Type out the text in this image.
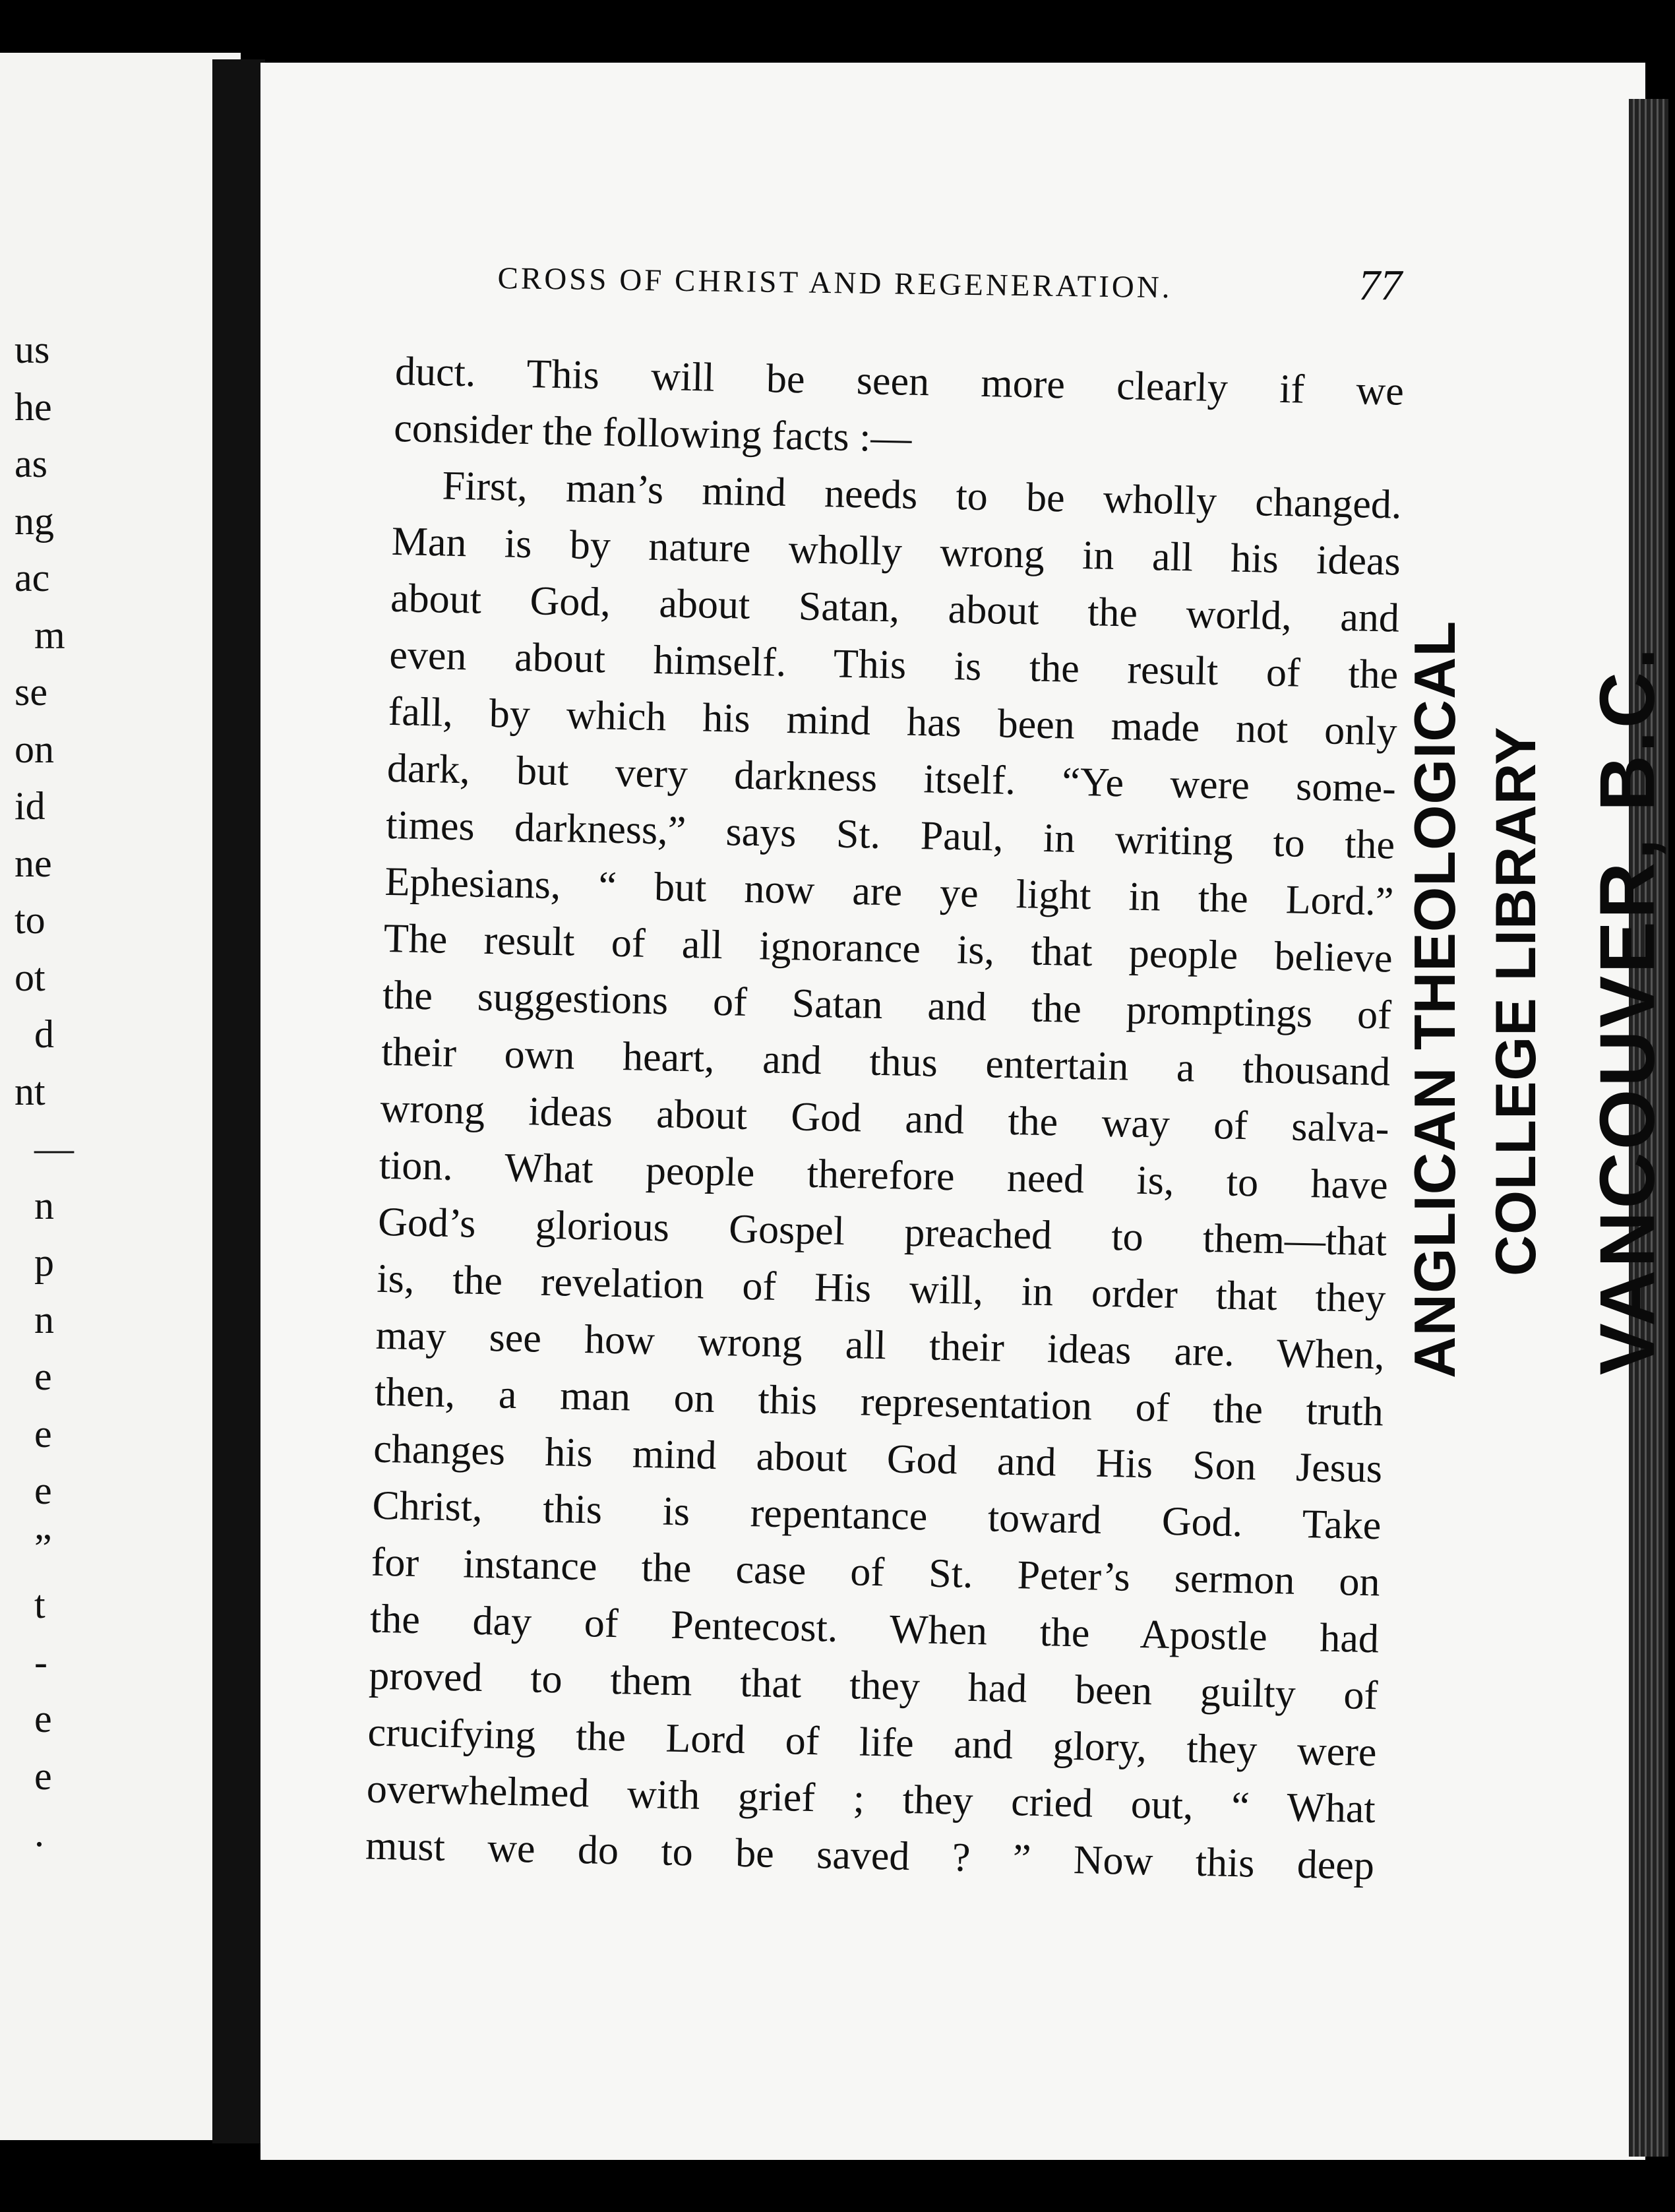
us
he
as
ng
ac
m
se
on
id
ne
to
ot
d
nt
—
n
p
n
e
e
e
”
t
-
e
e
.
CROSS OF CHRIST AND REGENERATION.	77
duct. This will be seen more clearly if we
consider the following facts :—
First, man’s mind needs to be wholly changed.
Man is by nature wholly wrong in all his ideas
about God, about Satan, about the world, and
even about himself. This is the result of the
fall, by which his mind has been made not only
dark, but very darkness itself. “Ye were some-
times darkness,” says St. Paul, in writing to the
Ephesians, “ but now are ye light in the Lord.”
The result of all ignorance is, that people believe
the suggestions of Satan and the promptings of
their own heart, and thus entertain a thousand
wrong ideas about God and the way of salva-
tion. What people therefore need is, to have
God’s glorious Gospel preached to them—that
is, the revelation of His will, in order that they
may see how wrong all their ideas are. When,
then, a man on this representation of the truth
changes his mind about God and His Son Jesus
Christ, this is repentance toward God. Take
for instance the case of St. Peter’s sermon on
the day of Pentecost. When the Apostle had
proved to them that they had been guilty of
crucifying the Lord of life and glory, they were
overwhelmed with grief ; they cried out, “ What
must we do to be saved ? ” Now this deep
ANGLICAN THEOLOGICAL COLLEGE LIBRARY VANCOUVER, B.C.
